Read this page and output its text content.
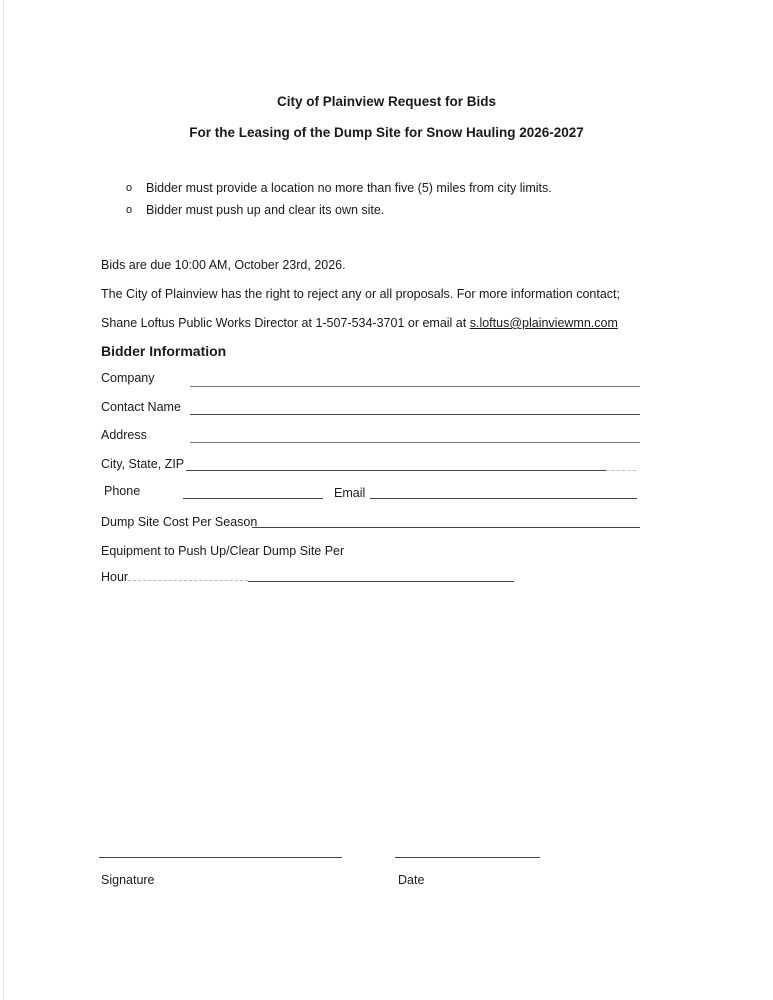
City of Plainview Request for Bids
For the Leasing of the Dump Site for Snow Hauling 2026-2027
o Bidder must provide a location no more than five (5) miles from city limits.
o Bidder must push up and clear its own site.
Bids are due 10:00 AM, October 23rd, 2026.
The City of Plainview has the right to reject any or all proposals. For more information contact;
Shane Loftus Public Works Director at 1-507-534-3701 or email at s.loftus@plainviewmn.com
Bidder Information
Company
Contact Name
Address
City, State, ZIP
Phone	Email
Dump Site Cost Per Season
Equipment to Push Up/Clear Dump Site Per
Hour
Signature	Date
